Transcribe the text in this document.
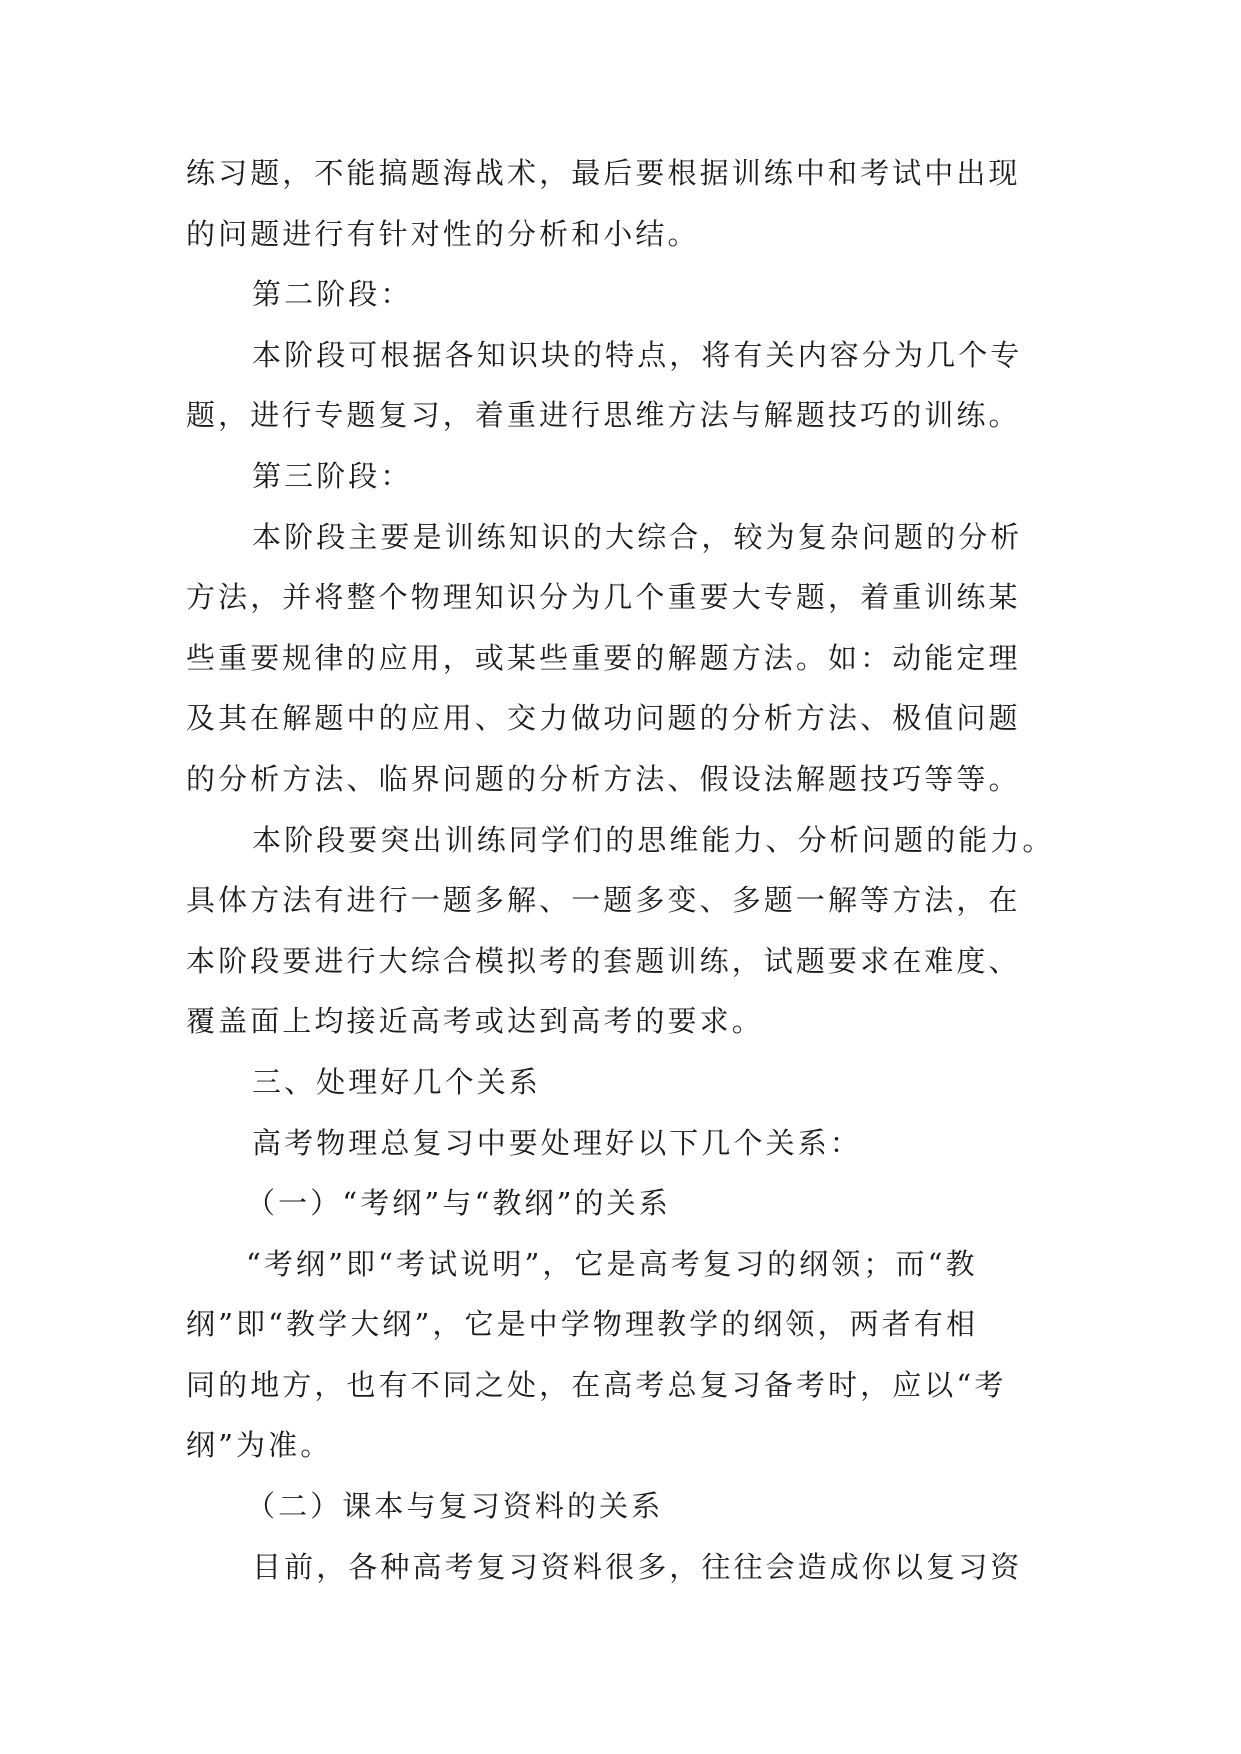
练习题，不能搞题海战术，最后要根据训练中和考试中出现
的问题进行有针对性的分析和小结。
第二阶段：
本阶段可根据各知识块的特点，将有关内容分为几个专
题，进行专题复习，着重进行思维方法与解题技巧的训练。
第三阶段：
本阶段主要是训练知识的大综合，较为复杂问题的分析
方法，并将整个物理知识分为几个重要大专题，着重训练某
些重要规律的应用，或某些重要的解题方法。如：动能定理
及其在解题中的应用、交力做功问题的分析方法、极值问题
的分析方法、临界问题的分析方法、假设法解题技巧等等。
本阶段要突出训练同学们的思维能力、分析问题的能力。
具体方法有进行一题多解、一题多变、多题一解等方法，在
本阶段要进行大综合模拟考的套题训练，试题要求在难度、
覆盖面上均接近高考或达到高考的要求。
三、处理好几个关系
高考物理总复习中要处理好以下几个关系：
（一）“考纲”与“教纲”的关系
“考纲”即“考试说明”，它是高考复习的纲领；而“教
纲”即“教学大纲”，它是中学物理教学的纲领，两者有相
同的地方，也有不同之处，在高考总复习备考时，应以“考
纲”为准。
（二）课本与复习资料的关系
目前，各种高考复习资料很多，往往会造成你以复习资
